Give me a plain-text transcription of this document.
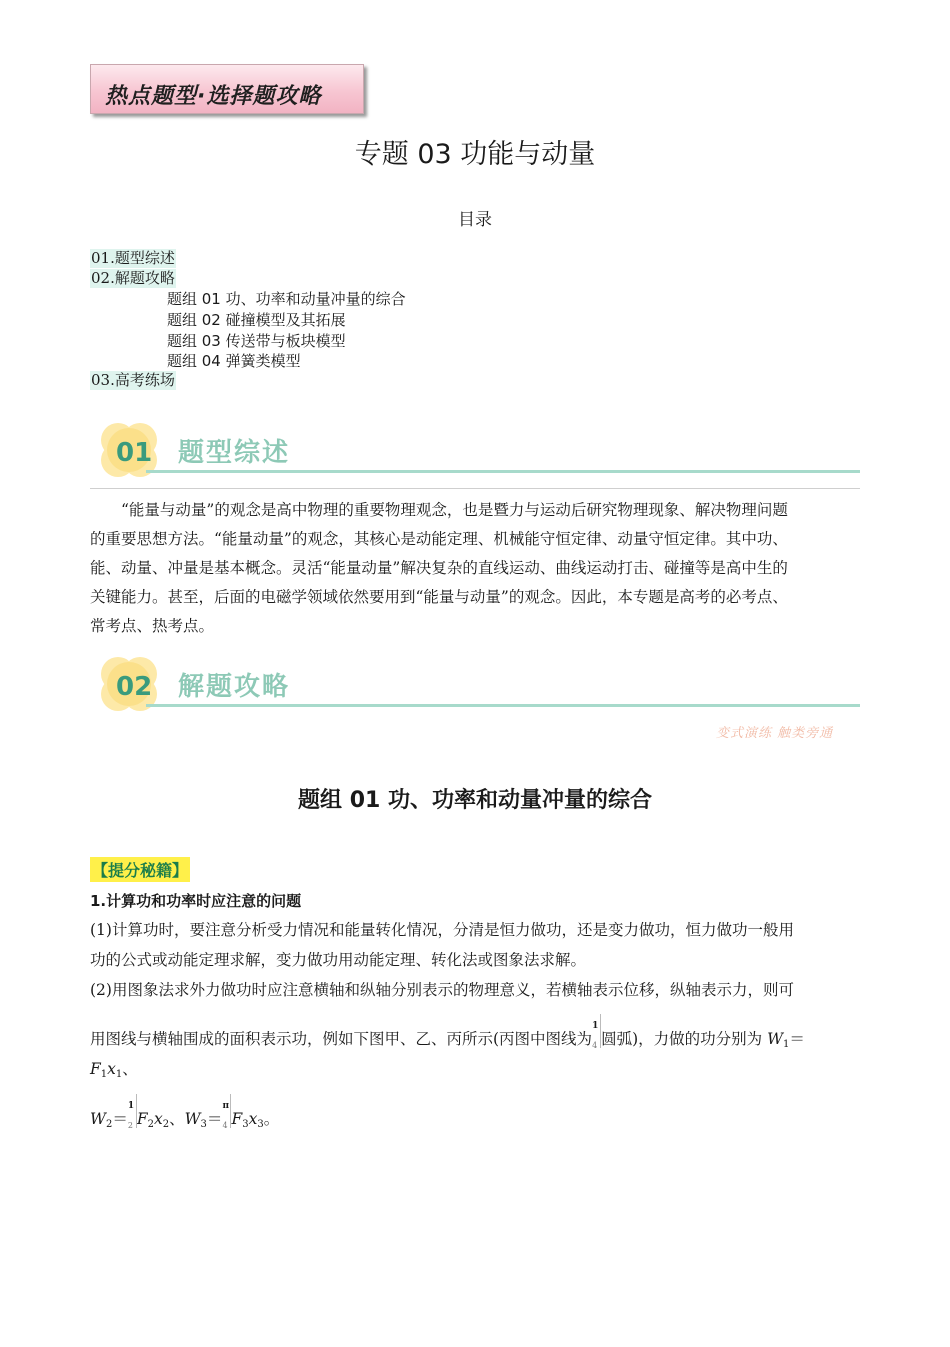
热点题型·选择题攻略
专题 03 功能与动量
目录
01.题型综述
02.解题攻略
题组 01 功、功率和动量冲量的综合
题组 02 碰撞模型及其拓展
题组 03 传送带与板块模型
题组 04 弹簧类模型
03.高考练场
01 题型综述
“能量与动量”的观念是高中物理的重要物理观念，也是暨力与运动后研究物理现象、解决物理问题
的重要思想方法。“能量动量”的观念，其核心是动能定理、机械能守恒定律、动量守恒定律。其中功、
能、动量、冲量是基本概念。灵活“能量动量”解决复杂的直线运动、曲线运动打击、碰撞等是高中生的
关键能力。甚至，后面的电磁学领域依然要用到“能量与动量”的观念。因此，本专题是高考的必考点、
常考点、热考点。
02 解题攻略
变式演练 触类旁通
题组 01 功、功率和动量冲量的综合
【提分秘籍】
1.计算功和功率时应注意的问题
(1)计算功时，要注意分析受力情况和能量转化情况，分清是恒力做功，还是变力做功，恒力做功一般用
功的公式或动能定理求解，变力做功用动能定理、转化法或图象法求解。
(2)用图象法求外力做功时应注意横轴和纵轴分别表示的物理意义，若横轴表示位移，纵轴表示力，则可
用图线与横轴围成的面积表示功，例如下图甲、乙、丙所示(丙图中图线为
1
4 圆弧)，力做的功分别为 $W_1=$
$F_1x_1$、
$W_2=$
1
2 $F_2x_2$、$W_3=$
π
4 $F_3x_3$。
